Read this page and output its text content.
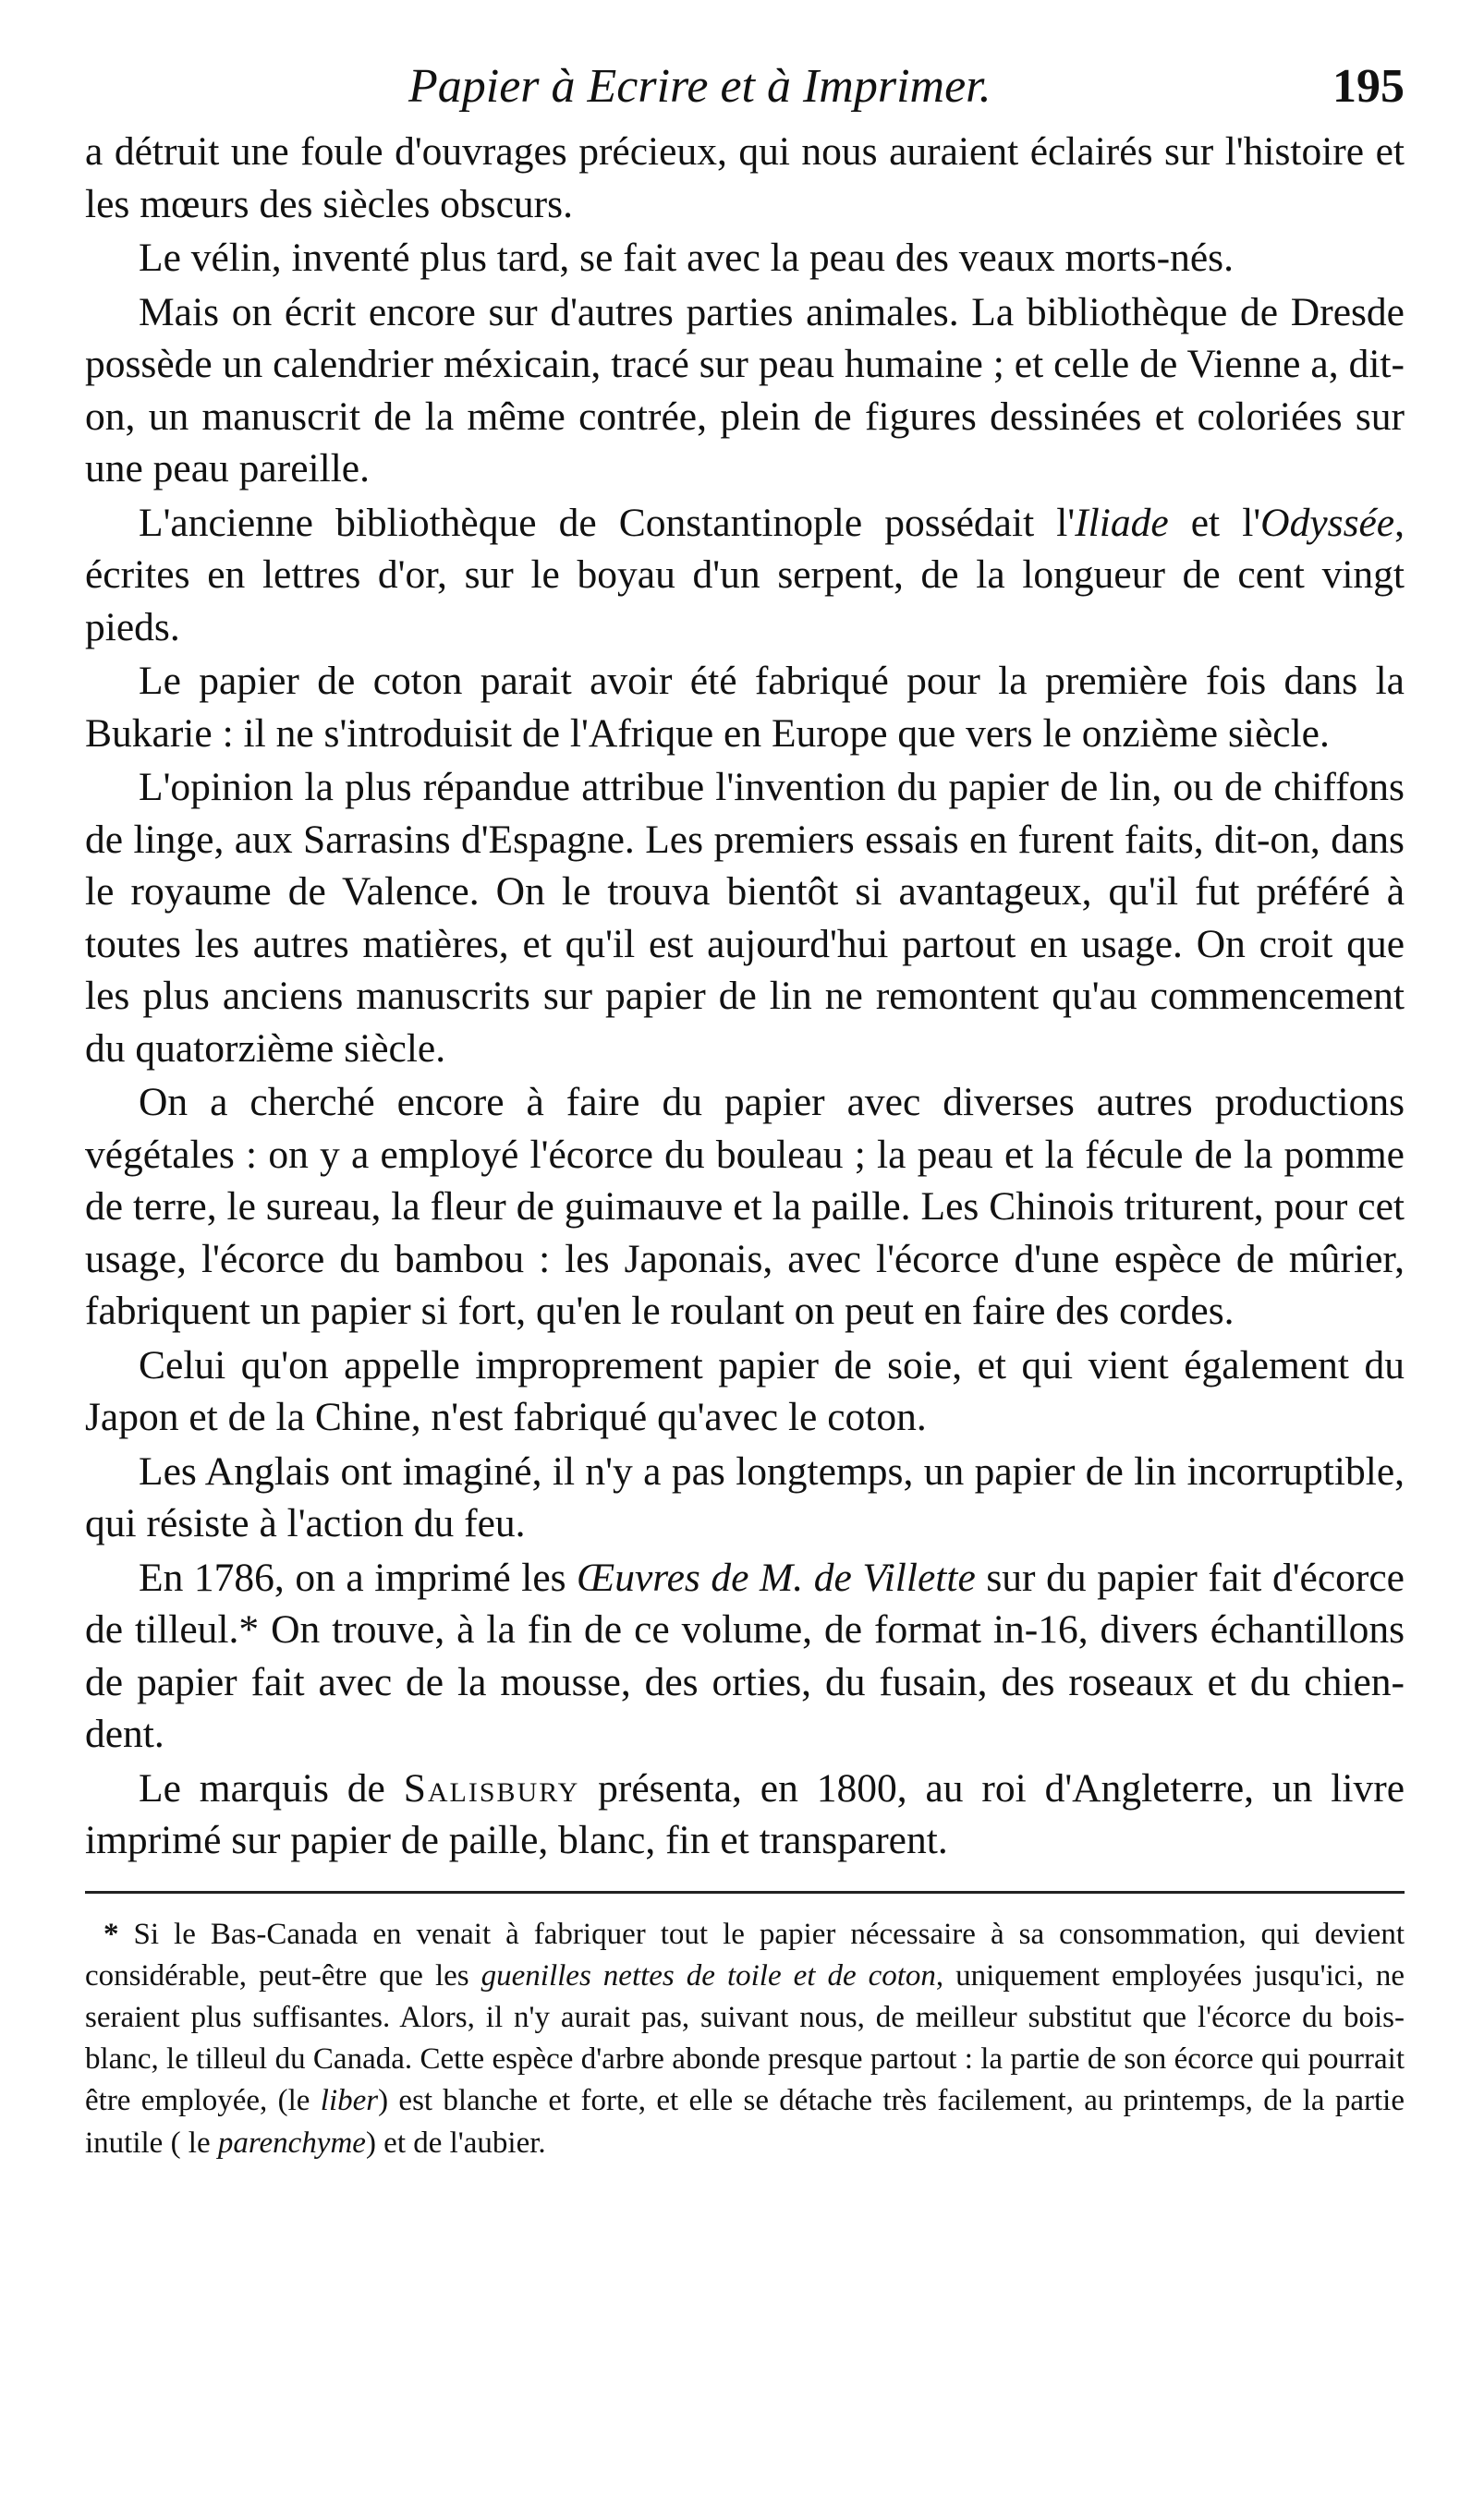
Papier à Ecrire et à Imprimer.	195

a détruit une foule d'ouvrages précieux, qui nous auraient éclairés sur l'histoire et les mœurs des siècles obscurs.

Le vélin, inventé plus tard, se fait avec la peau des veaux morts-nés.

Mais on écrit encore sur d'autres parties animales. La bibliothèque de Dresde possède un calendrier méxicain, tracé sur peau humaine ; et celle de Vienne a, dit-on, un manuscrit de la même contrée, plein de figures dessinées et coloriées sur une peau pareille.

L'ancienne bibliothèque de Constantinople possédait l'Iliade et l'Odyssée, écrites en lettres d'or, sur le boyau d'un serpent, de la longueur de cent vingt pieds.

Le papier de coton parait avoir été fabriqué pour la première fois dans la Bukarie : il ne s'introduisit de l'Afrique en Europe que vers le onzième siècle.

L'opinion la plus répandue attribue l'invention du papier de lin, ou de chiffons de linge, aux Sarrasins d'Espagne. Les premiers essais en furent faits, dit-on, dans le royaume de Valence. On le trouva bientôt si avantageux, qu'il fut préféré à toutes les autres matières, et qu'il est aujourd'hui partout en usage. On croit que les plus anciens manuscrits sur papier de lin ne remontent qu'au commencement du quatorzième siècle.

On a cherché encore à faire du papier avec diverses autres productions végétales : on y a employé l'écorce du bouleau ; la peau et la fécule de la pomme de terre, le sureau, la fleur de guimauve et la paille. Les Chinois triturent, pour cet usage, l'écorce du bambou : les Japonais, avec l'écorce d'une espèce de mûrier, fabriquent un papier si fort, qu'en le roulant on peut en faire des cordes.

Celui qu'on appelle improprement papier de soie, et qui vient également du Japon et de la Chine, n'est fabriqué qu'avec le coton.

Les Anglais ont imaginé, il n'y a pas longtemps, un papier de lin incorruptible, qui résiste à l'action du feu.

En 1786, on a imprimé les Œuvres de M. de Villette sur du papier fait d'écorce de tilleul.* On trouve, à la fin de ce volume, de format in-16, divers échantillons de papier fait avec de la mousse, des orties, du fusain, des roseaux et du chien-dent.

Le marquis de Salisbury présenta, en 1800, au roi d'Angleterre, un livre imprimé sur papier de paille, blanc, fin et transparent.

* Si le Bas-Canada en venait à fabriquer tout le papier nécessaire à sa consommation, qui devient considérable, peut-être que les guenilles nettes de toile et de coton, uniquement employées jusqu'ici, ne seraient plus suffisantes. Alors, il n'y aurait pas, suivant nous, de meilleur substitut que l'écorce du bois-blanc, le tilleul du Canada. Cette espèce d'arbre abonde presque partout : la partie de son écorce qui pourrait être employée, (le liber) est blanche et forte, et elle se détache très facilement, au printemps, de la partie inutile ( le parenchyme) et de l'aubier.
